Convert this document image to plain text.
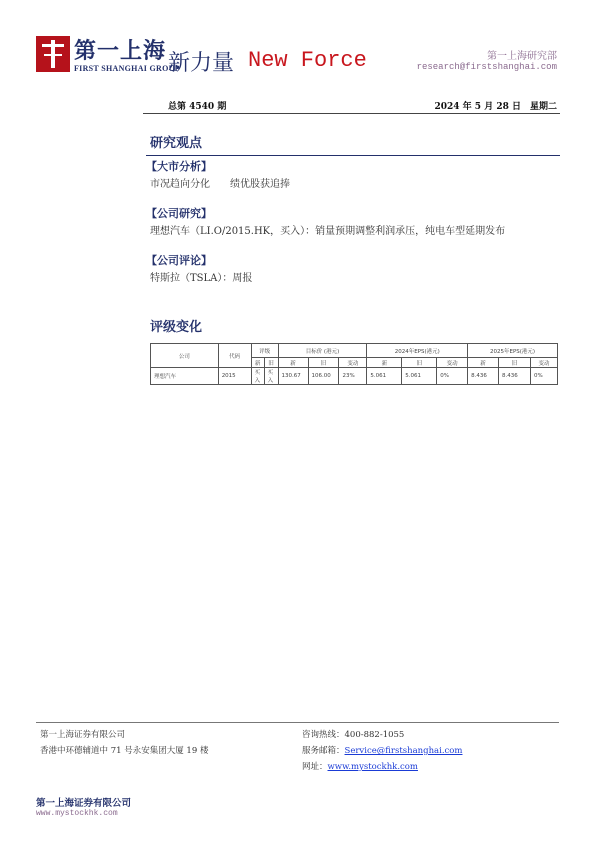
第一上海
FIRST SHANGHAI GROUP
新力量 New Force	第一上海研究部
research@firstshanghai.com
总第 4540 期	2024 年 5 月 28 日　星期二
研究观点
【大市分析】
市况趋向分化　　绩优股获追捧
【公司研究】
理想汽车（LI.O/2015.HK，买入）：销量预期调整利润承压，纯电车型延期发布
【公司评论】
特斯拉（TSLA）：周报
评级变化
公司	代码	评级		目标价 (港元)			2024年EPS(港元)			2025年EPS(港元)		
		新	旧	新	旧	变动	新	旧	变动	新	旧	变动
理想汽车	2015	买入	买入	130.67	106.00	23%	5.061	5.061	0%	8.436	8.436	0%
第一上海证券有限公司
香港中环德辅道中 71 号永安集团大厦 19 楼
咨询热线：400-882-1055
服务邮箱：Service@firstshanghai.com
网址：www.mystockhk.com
第一上海证券有限公司
www.mystockhk.com
